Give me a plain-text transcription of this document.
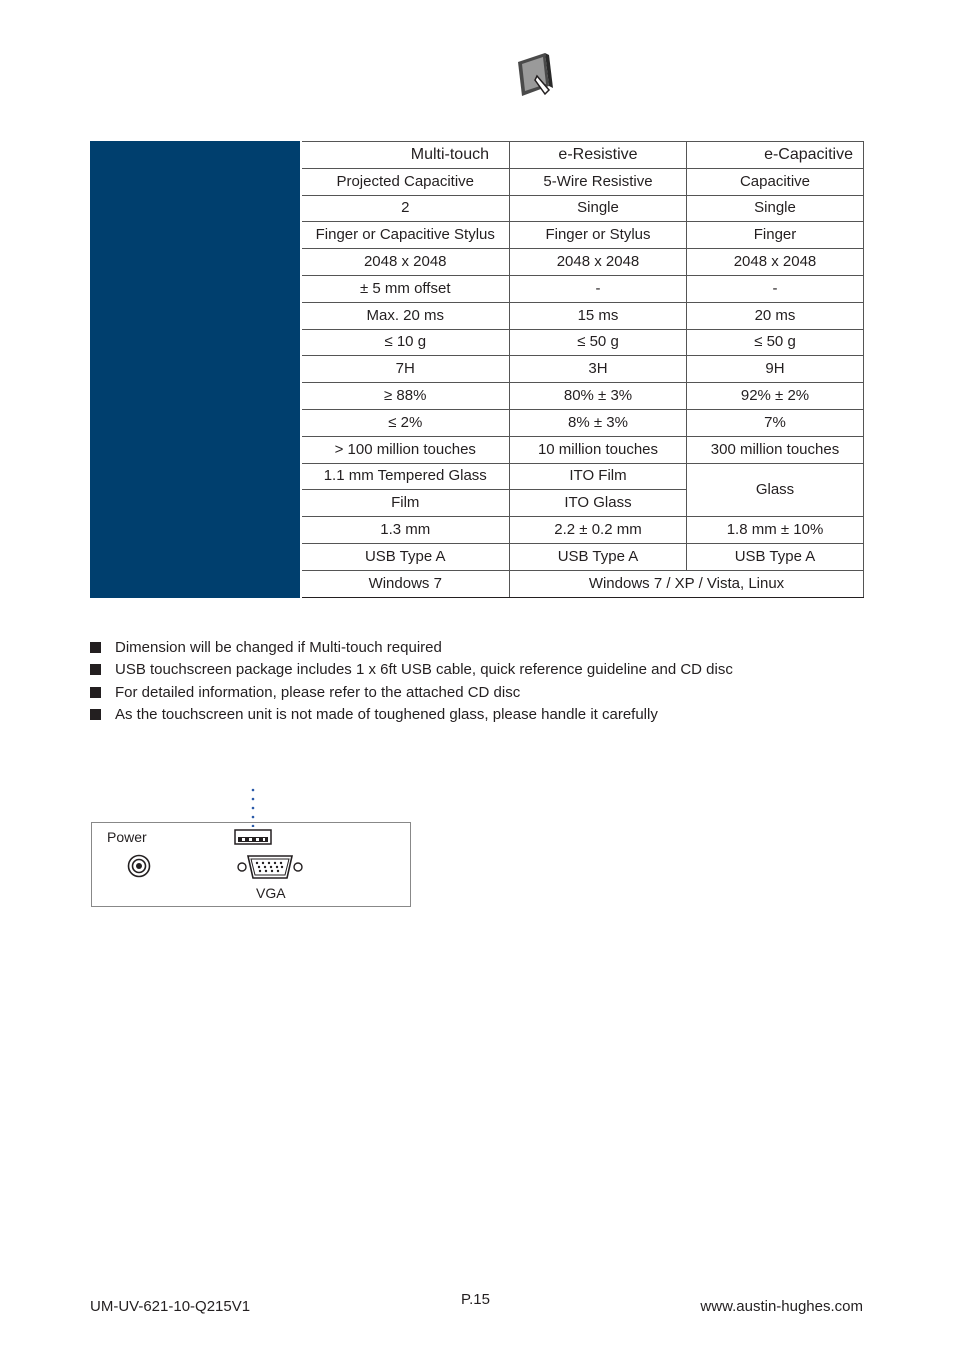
	Multi-touch	e-Resistive	e-Capacitive
	Projected Capacitive	5-Wire Resistive	Capacitive
	2	Single	Single
	Finger or Capacitive Stylus	Finger or Stylus	Finger
	2048 x 2048	2048 x 2048	2048 x 2048
	± 5 mm offset	-	-
	Max. 20 ms	15 ms	20 ms
	≤ 10 g	≤ 50 g	≤ 50 g
	7H	3H	9H
	≥ 88%	80% ± 3%	92% ± 2%
	≤ 2%	8% ± 3%	7%
	> 100 million touches	10 million touches	300 million touches
	1.1 mm Tempered Glass	ITO Film	Glass
	Film	ITO Glass	
	1.3 mm	2.2 ± 0.2 mm	1.8 mm ± 10%
	USB Type A	USB Type A	USB Type A
	Windows 7	Windows 7 / XP / Vista, Linux	
Dimension will be changed if Multi-touch required
USB touchscreen package includes 1 x 6ft USB cable, quick reference guideline and CD disc
For detailed information, please refer to the attached CD disc
As the touchscreen unit is not made of toughened glass, please handle it carefully
Power
VGA
UM-UV-621-10-Q215V1	P.15	www.austin-hughes.com
